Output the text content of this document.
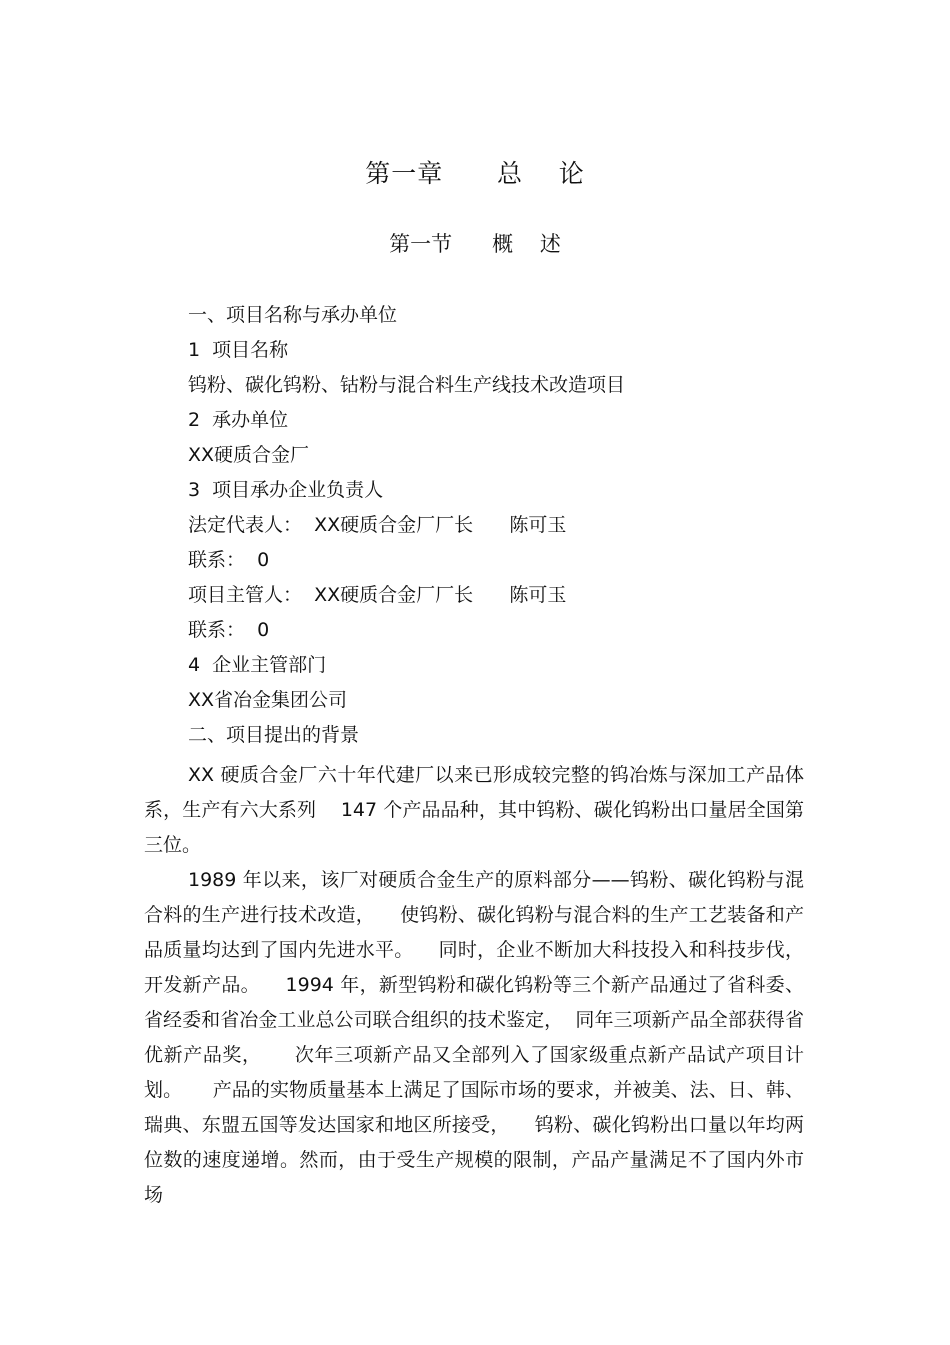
第一章      总    论
第一节      概    述
一、项目名称与承办单位
1  项目名称
钨粉、碳化钨粉、钴粉与混合料生产线技术改造项目
2  承办单位
XX硬质合金厂
3  项目承办企业负责人
法定代表人：  XX硬质合金厂厂长      陈可玉
联系：  0
项目主管人：  XX硬质合金厂厂长      陈可玉
联系：  0
4  企业主管部门
XX省冶金集团公司
二、项目提出的背景

XX 硬质合金厂六十年代建厂以来已形成较完整的钨冶炼与深加工产品体系，生产有六大系列    147 个产品品种，其中钨粉、碳化钨粉出口量居全国第三位。

1989 年以来，该厂对硬质合金生产的原料部分——钨粉、碳化钨粉与混合料的生产进行技术改造，    使钨粉、碳化钨粉与混合料的生产工艺装备和产品质量均达到了国内先进水平。    同时，企业不断加大科技投入和科技步伐，开发新产品。    1994 年，新型钨粉和碳化钨粉等三个新产品通过了省科委、  省经委和省冶金工业总公司联合组织的技术鉴定，  同年三项新产品全部获得省优新产品奖，     次年三项新产品又全部列入了国家级重点新产品试产项目计划。     产品的实物质量基本上满足了国际市场的要求，并被美、法、日、韩、瑞典、东盟五国等发达国家和地区所接受，    钨粉、碳化钨粉出口量以年均两位数的速度递增。然而，由于受生产规模的限制，产品产量满足不了国内外市场
